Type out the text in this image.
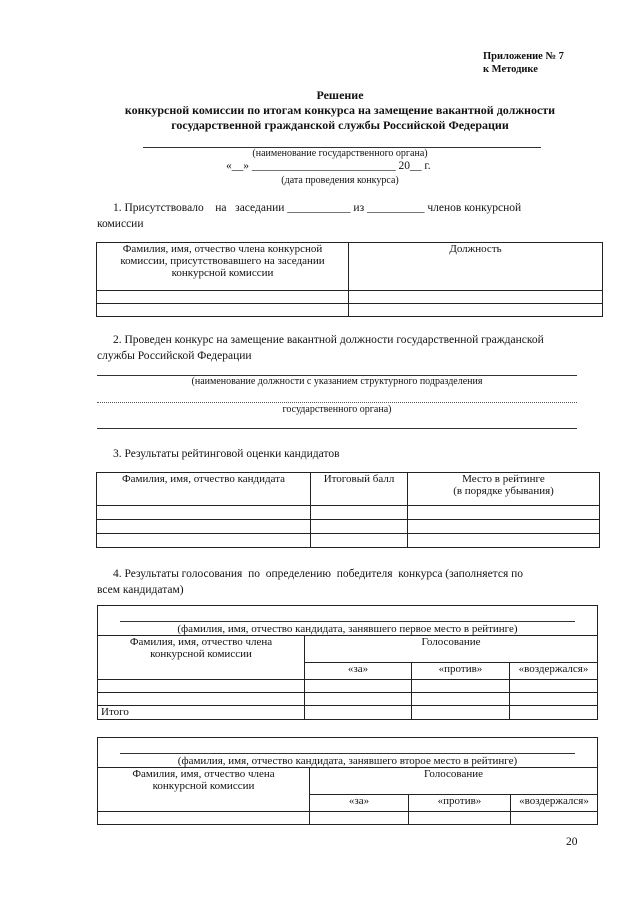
Приложение № 7
к Методике
Решение
конкурсной комиссии по итогам конкурса на замещение вакантной должности
государственной гражданской службы Российской Федерации
(наименование государственного органа)
«__» _________________________ 20__ г.
(дата проведения конкурса)
1. Присутствовало    на   заседании ___________ из __________ членов конкурсной
комиссии
Фамилия, имя, отчество члена конкурсной комиссии, присутствовавшего на заседании конкурсной комиссии	Должность

2. Проведен конкурс на замещение вакантной должности государственной гражданской
службы Российской Федерации
(наименование должности с указанием структурного подразделения
государственного органа)
3. Результаты рейтинговой оценки кандидатов
Фамилия, имя, отчество кандидата	Итоговый балл	Место в рейтинге
(в порядке убывания)

4. Результаты голосования  по  определению  победителя  конкурса (заполняется по
всем кандидатам)
(фамилия, имя, отчество кандидата, занявшего первое место в рейтинге)			

Фамилия, имя, отчество члена
конкурсной комиссии	Голосование		
	«за»	«против»	«воздержался»

Итого			
(фамилия, имя, отчество кандидата, занявшего второе место в рейтинге)			

Фамилия, имя, отчество члена
конкурсной комиссии	Голосование		
	«за»	«против»	«воздержался»

20
